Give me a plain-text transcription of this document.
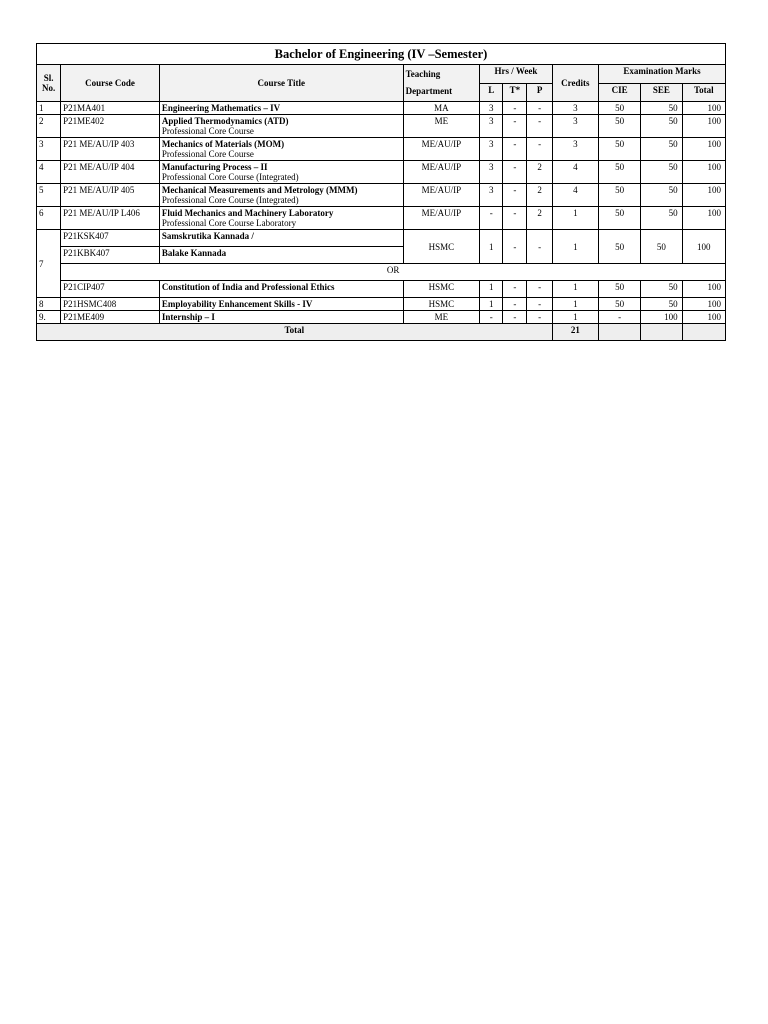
Bachelor of Engineering (IV –Semester)										
Sl.
No.	Course Code	Course Title	Teaching
Department	Hrs / Week			Credits	Examination Marks		
				L	T*	P		CIE	SEE	Total
1	P21MA401	Engineering Mathematics – IV	MA	3	-	-	3	50	50	100
2	P21ME402	Applied Thermodynamics (ATD)
Professional Core Course	ME	3	-	-	3	50	50	100
3	P21 ME/AU/IP 403	Mechanics of Materials (MOM)
Professional Core Course	ME/AU/IP	3	-	-	3	50	50	100
4	P21 ME/AU/IP 404	Manufacturing Process – II
Professional Core Course (Integrated)	ME/AU/IP	3	-	2	4	50	50	100
5	P21 ME/AU/IP 405	Mechanical Measurements and Metrology (MMM)
Professional Core Course (Integrated)	ME/AU/IP	3	-	2	4	50	50	100
6	P21 ME/AU/IP L406	Fluid Mechanics and Machinery Laboratory
Professional Core Course Laboratory	ME/AU/IP	-	-	2	1	50	50	100
7	P21KSK407	Samskrutika Kannada /	HSMC	1	-	-	1	50	50	100
	P21KBK407	Balake Kannada								
	OR									
	P21CIP407	Constitution of India and Professional Ethics	HSMC	1	-	-	1	50	50	100
8	P21HSMC408	Employability Enhancement Skills - IV	HSMC	1	-	-	1	50	50	100
9.	P21ME409	Internship – I	ME	-	-	-	1	-	100	100
Total							21			
